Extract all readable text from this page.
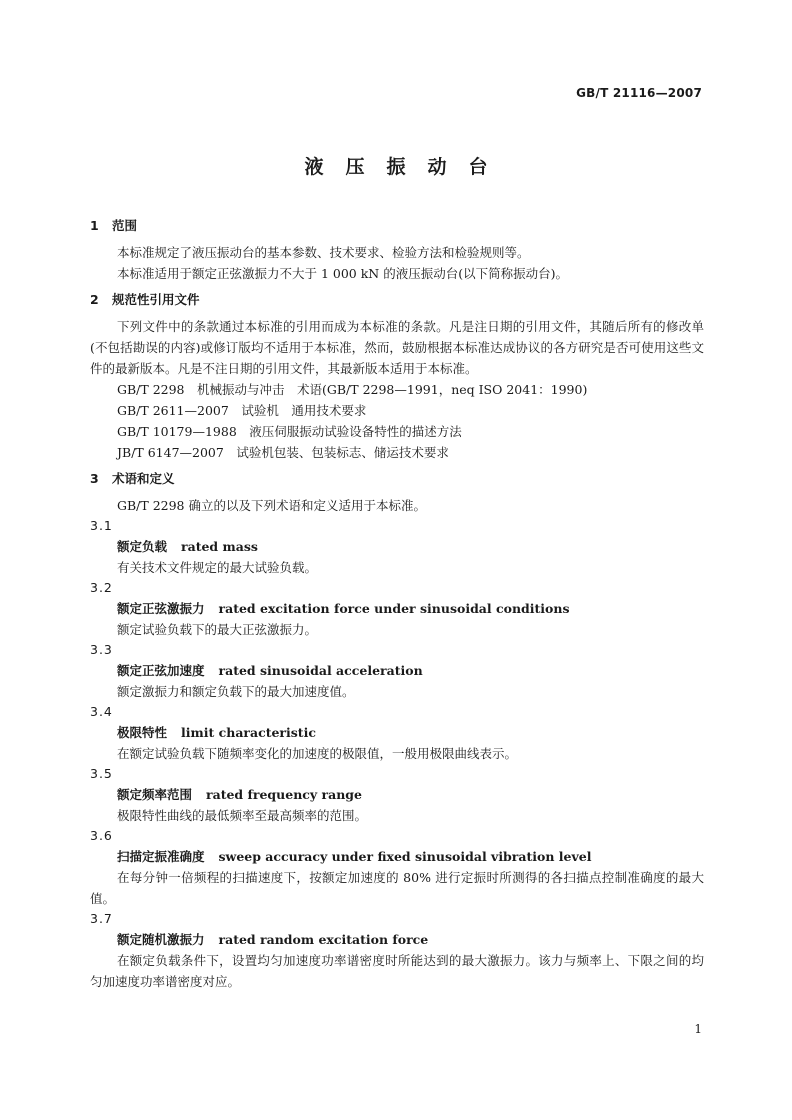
GB/T 21116—2007
液压振动台
1 范围

本标准规定了液压振动台的基本参数、技术要求、检验方法和检验规则等。

本标准适用于额定正弦激振力不大于 1 000 kN 的液压振动台(以下简称振动台)。

2 规范性引用文件

下列文件中的条款通过本标准的引用而成为本标准的条款。凡是注日期的引用文件，其随后所有的修改单(不包括勘误的内容)或修订版均不适用于本标准，然而，鼓励根据本标准达成协议的各方研究是否可使用这些文件的最新版本。凡是不注日期的引用文件，其最新版本适用于本标准。

GB/T 2298　机械振动与冲击　术语(GB/T 2298—1991，neq ISO 2041：1990)

GB/T 2611—2007　试验机　通用技术要求

GB/T 10179—1988　液压伺服振动试验设备特性的描述方法

JB/T 6147—2007　试验机包装、包装标志、储运技术要求

3 术语和定义

GB/T 2298 确立的以及下列术语和定义适用于本标准。

3.1
额定负载 rated mass

有关技术文件规定的最大试验负载。

3.2
额定正弦激振力 rated excitation force under sinusoidal conditions

额定试验负载下的最大正弦激振力。

3.3
额定正弦加速度 rated sinusoidal acceleration

额定激振力和额定负载下的最大加速度值。

3.4
极限特性 limit characteristic

在额定试验负载下随频率变化的加速度的极限值，一般用极限曲线表示。

3.5
额定频率范围 rated frequency range

极限特性曲线的最低频率至最高频率的范围。

3.6
扫描定振准确度 sweep accuracy under fixed sinusoidal vibration level

在每分钟一倍频程的扫描速度下，按额定加速度的 80% 进行定振时所测得的各扫描点控制准确度的最大值。

3.7
额定随机激振力 rated random excitation force

在额定负载条件下，设置均匀加速度功率谱密度时所能达到的最大激振力。该力与频率上、下限之间的均匀加速度功率谱密度对应。

1
